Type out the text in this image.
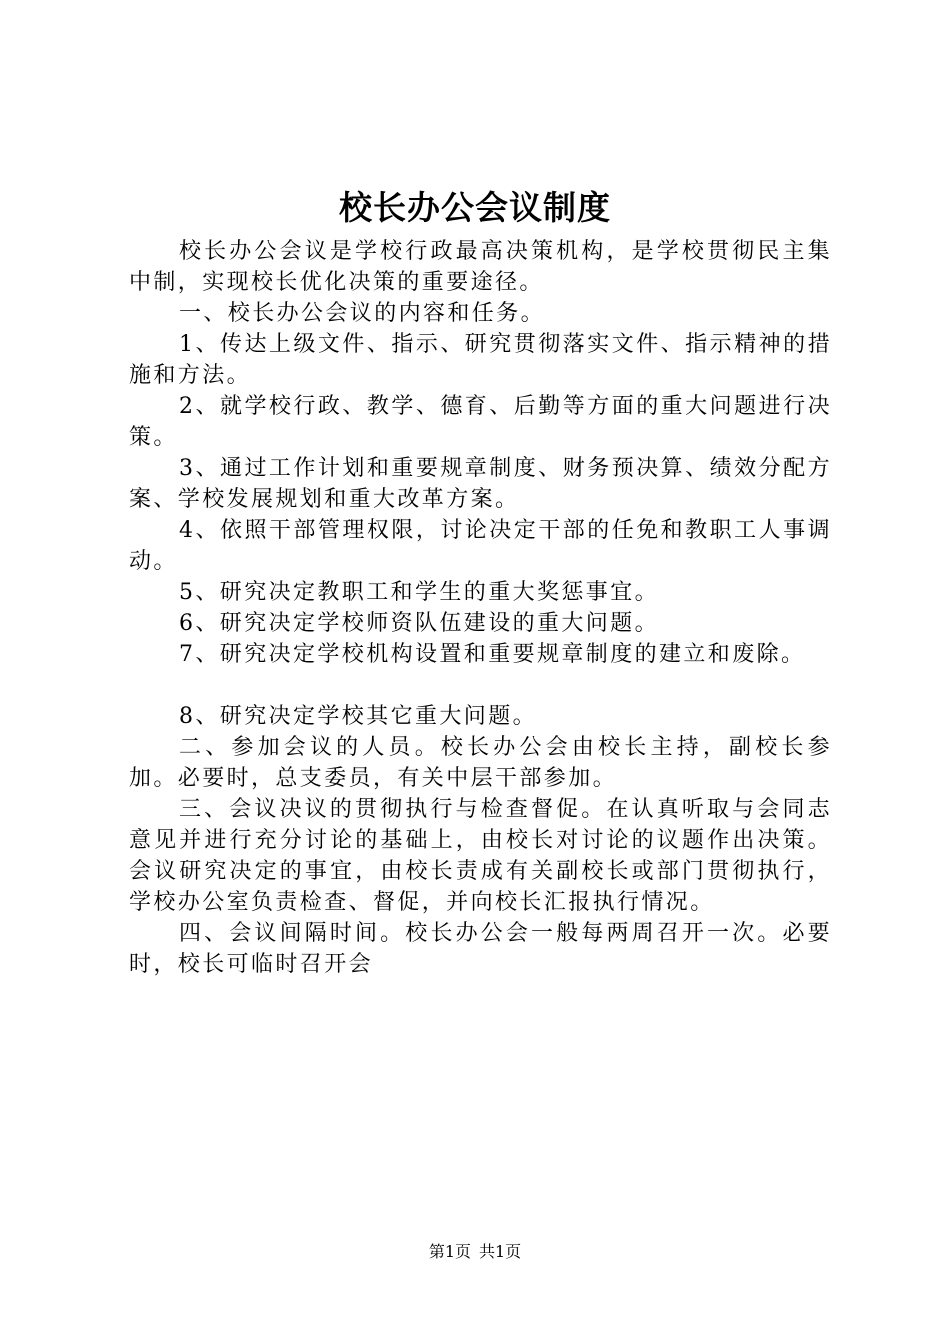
校长办公会议制度

校长办公会议是学校行政最高决策机构，是学校贯彻民主集中制，实现校长优化决策的重要途径。

一、校长办公会议的内容和任务。

1、传达上级文件、指示、研究贯彻落实文件、指示精神的措施和方法。

2、就学校行政、教学、德育、后勤等方面的重大问题进行决策。

3、通过工作计划和重要规章制度、财务预决算、绩效分配方案、学校发展规划和重大改革方案。

4、依照干部管理权限，讨论决定干部的任免和教职工人事调动。

5、研究决定教职工和学生的重大奖惩事宜。

6、研究决定学校师资队伍建设的重大问题。

7、研究决定学校机构设置和重要规章制度的建立和废除。

8、研究决定学校其它重大问题。

二、参加会议的人员。校长办公会由校长主持，副校长参加。必要时，总支委员，有关中层干部参加。

三、会议决议的贯彻执行与检查督促。在认真听取与会同志意见并进行充分讨论的基础上，由校长对讨论的议题作出决策。会议研究决定的事宜，由校长责成有关副校长或部门贯彻执行，学校办公室负责检查、督促，并向校长汇报执行情况。

四、会议间隔时间。校长办公会一般每两周召开一次。必要时，校长可临时召开会

第1页 共1页
